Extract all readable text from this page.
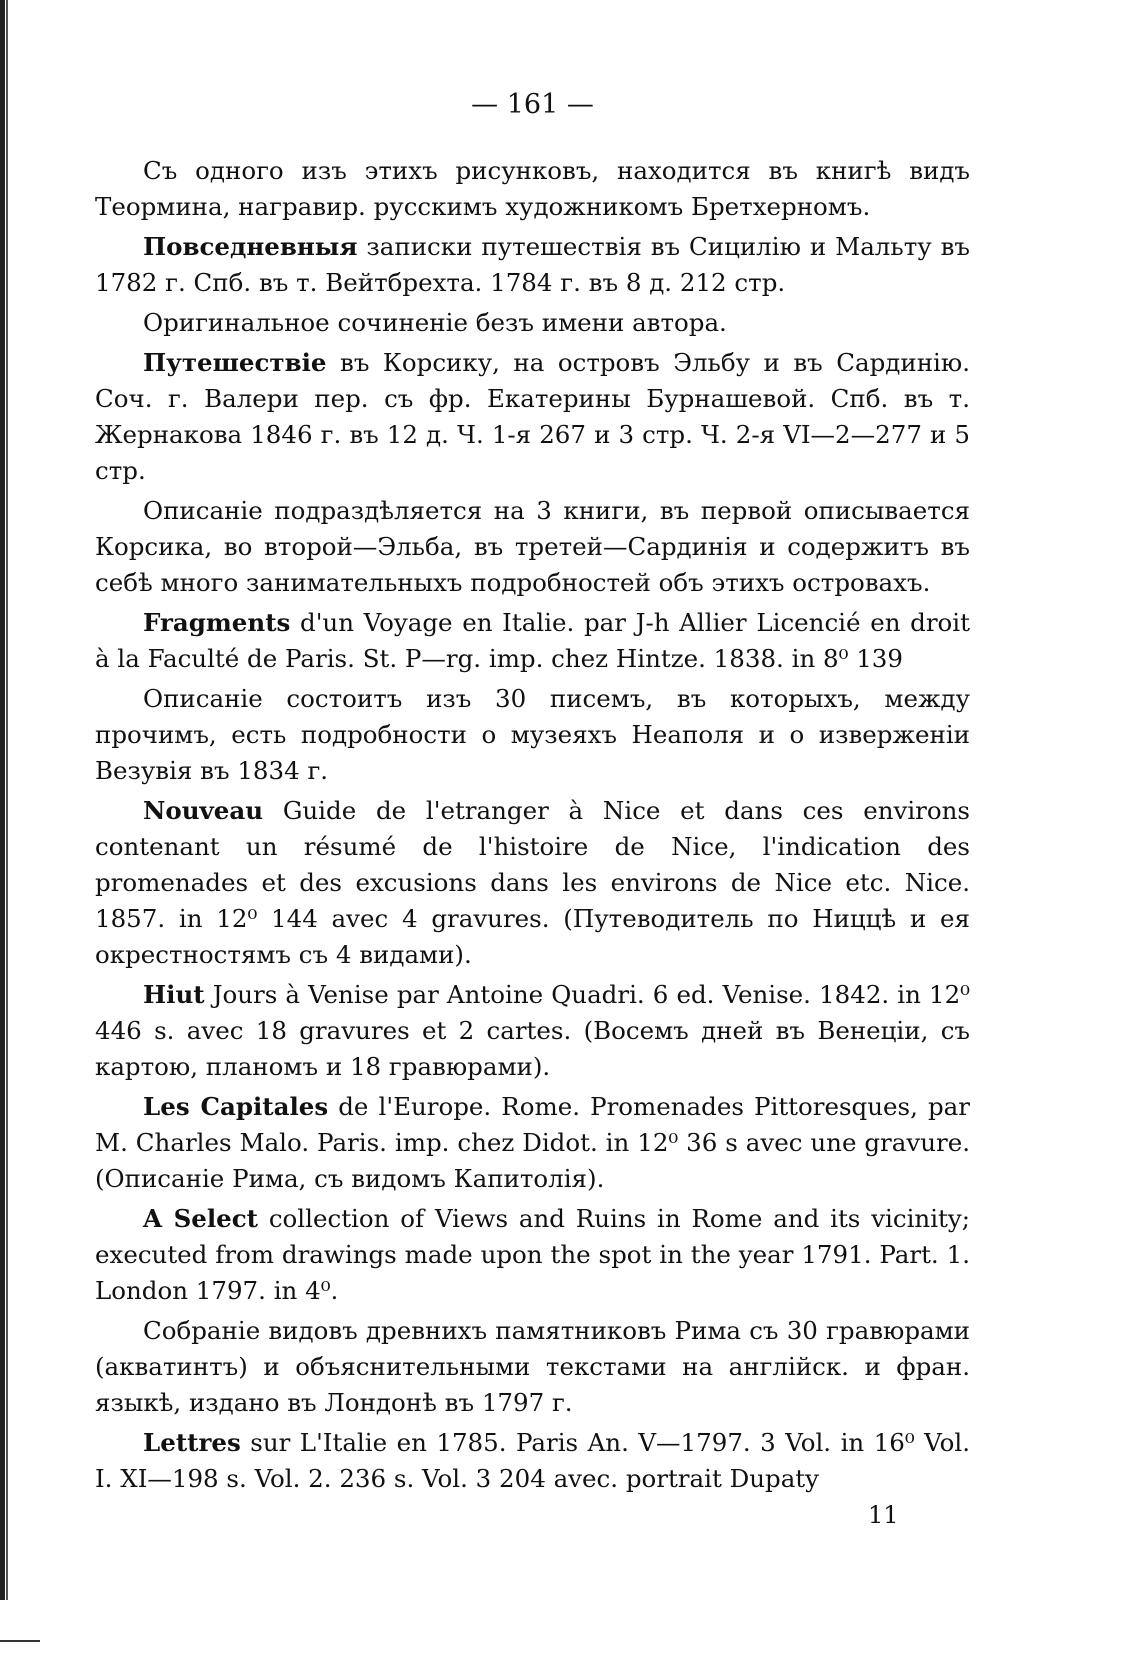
— 161 —

Съ одного изъ этихъ рисунковъ, находится въ книгѣ видъ Теормина, награвир. русскимъ художникомъ Бретхерномъ.

Повседневныя записки путешествія въ Сицилію и Мальту въ 1782 г. Спб. въ т. Вейтбрехта. 1784 г. въ 8 д. 212 стр.

Оригинальное сочиненіе безъ имени автора.

Путешествіе въ Корсику, на островъ Эльбу и въ Сардинію. Соч. г. Валери пер. съ фр. Екатерины Бурнашевой. Спб. въ т. Жернакова 1846 г. въ 12 д. Ч. 1-я 267 и 3 стр. Ч. 2-я VI—2—277 и 5 стр.

Описаніе подраздѣляется на 3 книги, въ первой описывается Корсика, во второй—Эльба, въ третей—Сардинія и содержитъ въ себѣ много занимательныхъ подробностей объ этихъ островахъ.

Fragments d'un Voyage en Italie. par J-h Allier Licencié en droit à la Faculté de Paris. St. P—rg. imp. chez Hintze. 1838. in 8⁰ 139

Описаніе состоитъ изъ 30 писемъ, въ которыхъ, между прочимъ, есть подробности о музеяхъ Неаполя и о изверженіи Везувія въ 1834 г.

Nouveau Guide de l'etranger à Nice et dans ces environs contenant un résumé de l'histoire de Nice, l'indication des promenades et des excusions dans les environs de Nice etc. Nice. 1857. in 12⁰ 144 avec 4 gravures. (Путеводитель по Ниццѣ и ея окрестностямъ съ 4 видами).

Hiut Jours à Venise par Antoine Quadri. 6 ed. Venise. 1842. in 12⁰ 446 s. avec 18 gravures et 2 cartes. (Восемъ дней въ Венеціи, съ картою, планомъ и 18 гравюрами).

Les Capitales de l'Europe. Rome. Promenades Pittoresques, par M. Charles Malo. Paris. imp. chez Didot. in 12⁰ 36 s avec une gravure. (Описаніе Рима, съ видомъ Капитолія).

A Select collection of Views and Ruins in Rome and its vicinity; executed from drawings made upon the spot in the year 1791. Part. 1. London 1797. in 4⁰.

Собраніе видовъ древнихъ памятниковъ Рима съ 30 гравюрами (акватинтъ) и объяснительными текстами на англійск. и фран. языкѣ, издано въ Лондонѣ въ 1797 г.

Lettres sur L'Italie en 1785. Paris An. V—1797. 3 Vol. in 16⁰ Vol. I. XI—198 s. Vol. 2. 236 s. Vol. 3 204 avec. portrait Dupaty

11
